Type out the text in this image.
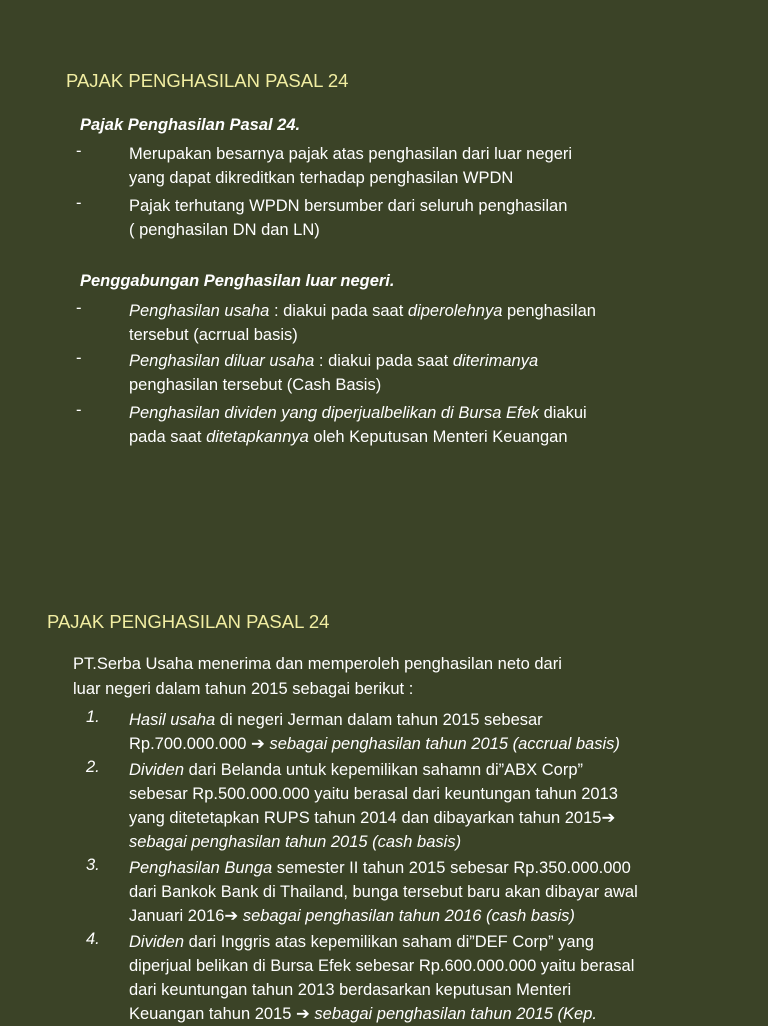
PAJAK PENGHASILAN PASAL 24
Pajak Penghasilan Pasal 24.
-	Merupakan besarnya pajak atas penghasilan dari luar negeri
yang dapat dikreditkan terhadap penghasilan WPDN
-	Pajak terhutang WPDN bersumber dari seluruh penghasilan
( penghasilan DN dan LN)
Penggabungan Penghasilan luar negeri.
-	Penghasilan usaha : diakui pada saat diperolehnya penghasilan
tersebut (acrrual basis)
-	Penghasilan diluar usaha : diakui pada saat diterimanya
penghasilan tersebut (Cash Basis)
-	Penghasilan dividen yang diperjualbelikan di Bursa Efek diakui
pada saat ditetapkannya oleh Keputusan Menteri Keuangan
PAJAK PENGHASILAN PASAL 24
PT.Serba Usaha menerima dan memperoleh penghasilan neto dari
luar negeri dalam tahun 2015 sebagai berikut :
1. Hasil usaha di negeri Jerman dalam tahun 2015 sebesar
Rp.700.000.000 ➔ sebagai penghasilan tahun 2015 (accrual basis)
2. Dividen dari Belanda untuk kepemilikan sahamn di”ABX Corp”
sebesar Rp.500.000.000 yaitu berasal dari keuntungan tahun 2013
yang ditetetapkan RUPS tahun 2014 dan dibayarkan tahun 2015➔
sebagai penghasilan tahun 2015 (cash basis)
3. Penghasilan Bunga semester II tahun 2015 sebesar Rp.350.000.000
dari Bankok Bank di Thailand, bunga tersebut baru akan dibayar awal
Januari 2016➔ sebagai penghasilan tahun 2016 (cash basis)
4. Dividen dari Inggris atas kepemilikan saham di”DEF Corp” yang
diperjual belikan di Bursa Efek sebesar Rp.600.000.000 yaitu berasal
dari keuntungan tahun 2013 berdasarkan keputusan Menteri
Keuangan tahun 2015 ➔ sebagai penghasilan tahun 2015 (Kep.
